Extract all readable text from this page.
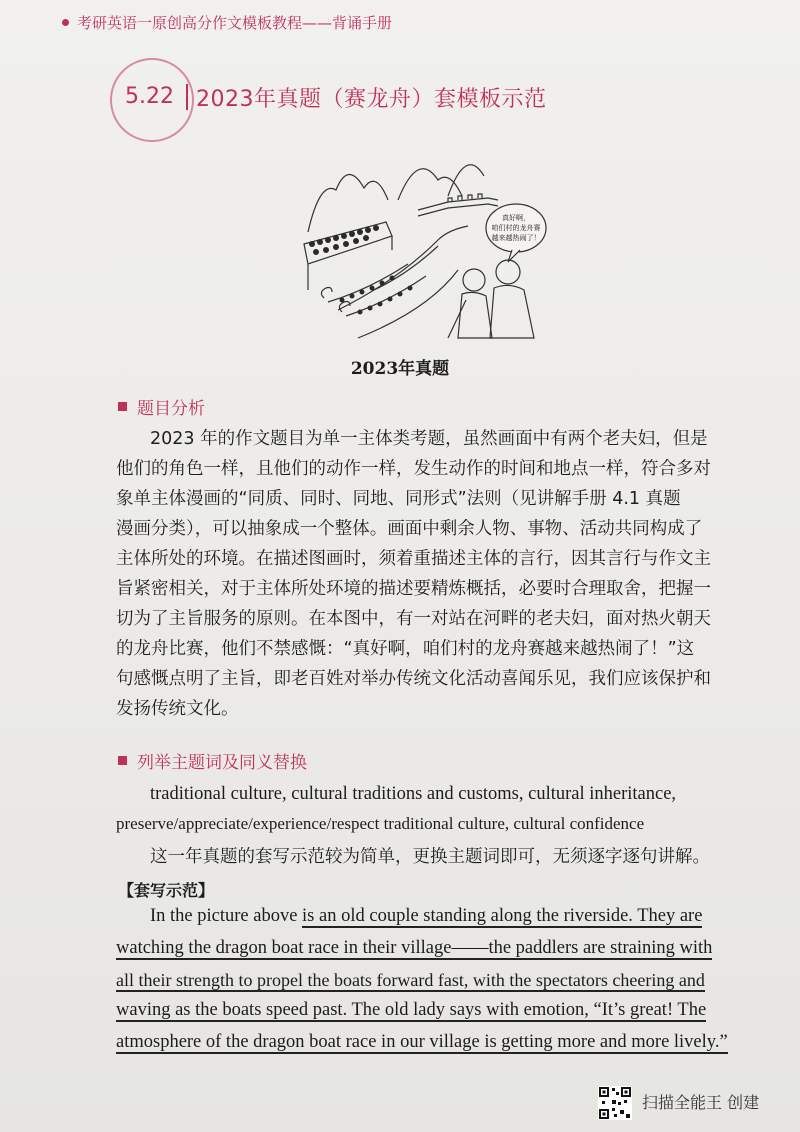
考研英语一原创高分作文模板教程——背诵手册
5.22 2023年真题（赛龙舟）套模板示范
真好啊，
咱们村的龙舟赛
越来越热闹了！
2023年真题
题目分析

2023 年的作文题目为单一主体类考题，虽然画面中有两个老夫妇，但是

他们的角色一样，且他们的动作一样，发生动作的时间和地点一样，符合多对

象单主体漫画的“同质、同时、同地、同形式”法则（见讲解手册 4.1 真题

漫画分类），可以抽象成一个整体。画面中剩余人物、事物、活动共同构成了

主体所处的环境。在描述图画时，须着重描述主体的言行，因其言行与作文主

旨紧密相关，对于主体所处环境的描述要精炼概括，必要时合理取舍，把握一

切为了主旨服务的原则。在本图中，有一对站在河畔的老夫妇，面对热火朝天

的龙舟比赛，他们不禁感慨：“真好啊，咱们村的龙舟赛越来越热闹了！”这

句感慨点明了主旨，即老百姓对举办传统文化活动喜闻乐见，我们应该保护和

发扬传统文化。

列举主题词及同义替换

traditional culture, cultural traditions and customs, cultural inheritance,

preserve/appreciate/experience/respect traditional culture, cultural confidence

这一年真题的套写示范较为简单，更换主题词即可，无须逐字逐句讲解。

【套写示范】

In the picture above is an old couple standing along the riverside. They are

watching the dragon boat race in their village——the paddlers are straining with

all their strength to propel the boats forward fast, with the spectators cheering and

waving as the boats speed past. The old lady says with emotion, “It’s great! The

atmosphere of the dragon boat race in our village is getting more and more lively.”

扫描全能王 创建
